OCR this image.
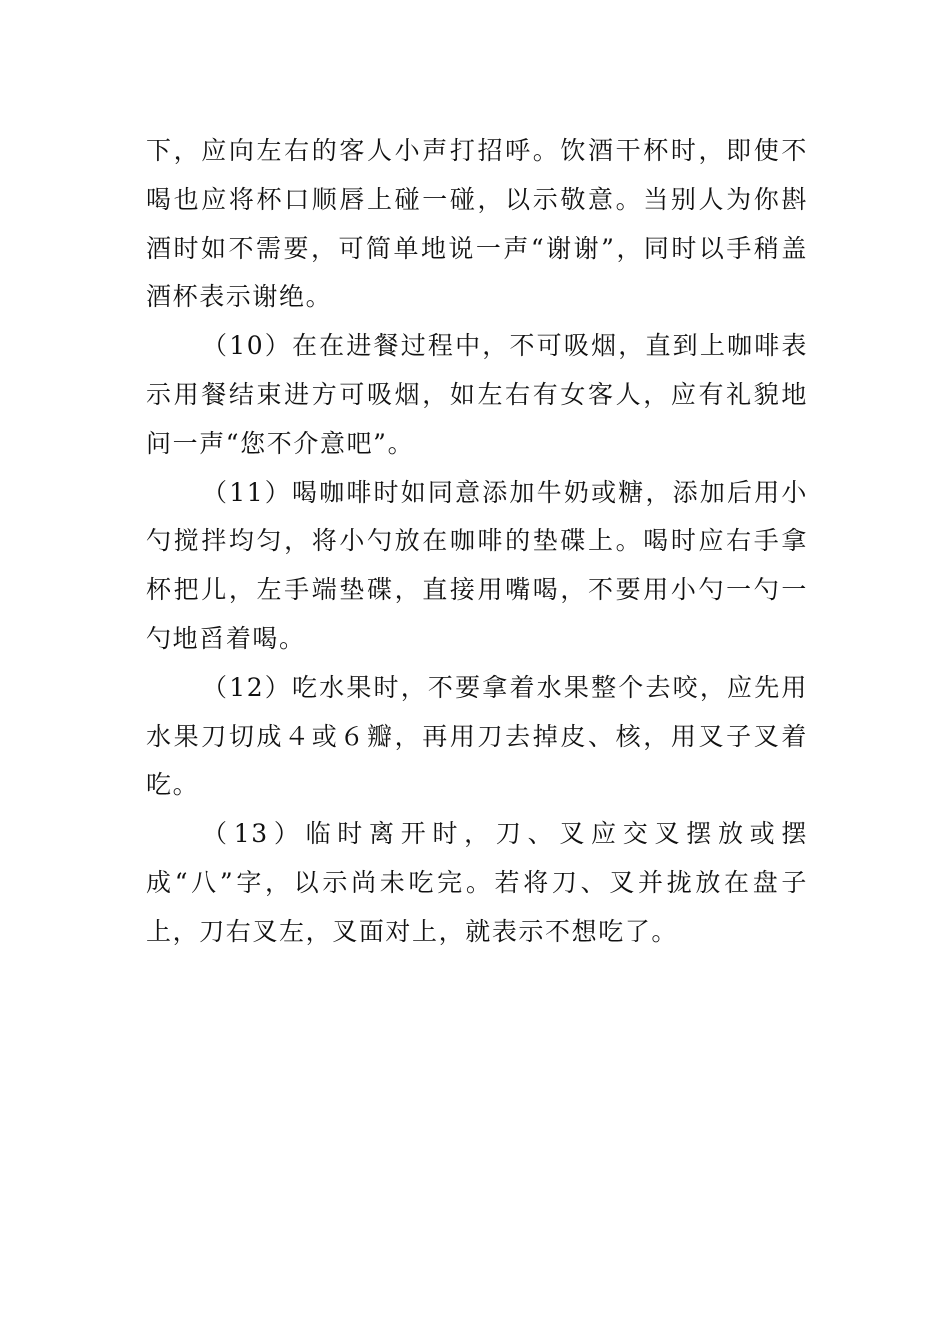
下，应向左右的客人小声打招呼。饮酒干杯时，即使不喝也应将杯口顺唇上碰一碰，以示敬意。当别人为你斟酒时如不需要，可简单地说一声“谢谢”，同时以手稍盖酒杯表示谢绝。

（10）在在进餐过程中，不可吸烟，直到上咖啡表示用餐结束进方可吸烟，如左右有女客人，应有礼貌地问一声“您不介意吧”。

（11）喝咖啡时如同意添加牛奶或糖，添加后用小勺搅拌均匀，将小勺放在咖啡的垫碟上。喝时应右手拿杯把儿，左手端垫碟，直接用嘴喝，不要用小勺一勺一勺地舀着喝。

（12）吃水果时，不要拿着水果整个去咬，应先用水果刀切成４或６瓣，再用刀去掉皮、核，用叉子叉着吃。

（13）临时离开时，刀、叉应交叉摆放或摆成“八”字，以示尚未吃完。若将刀、叉并拢放在盘子上，刀右叉左，叉面对上，就表示不想吃了。
